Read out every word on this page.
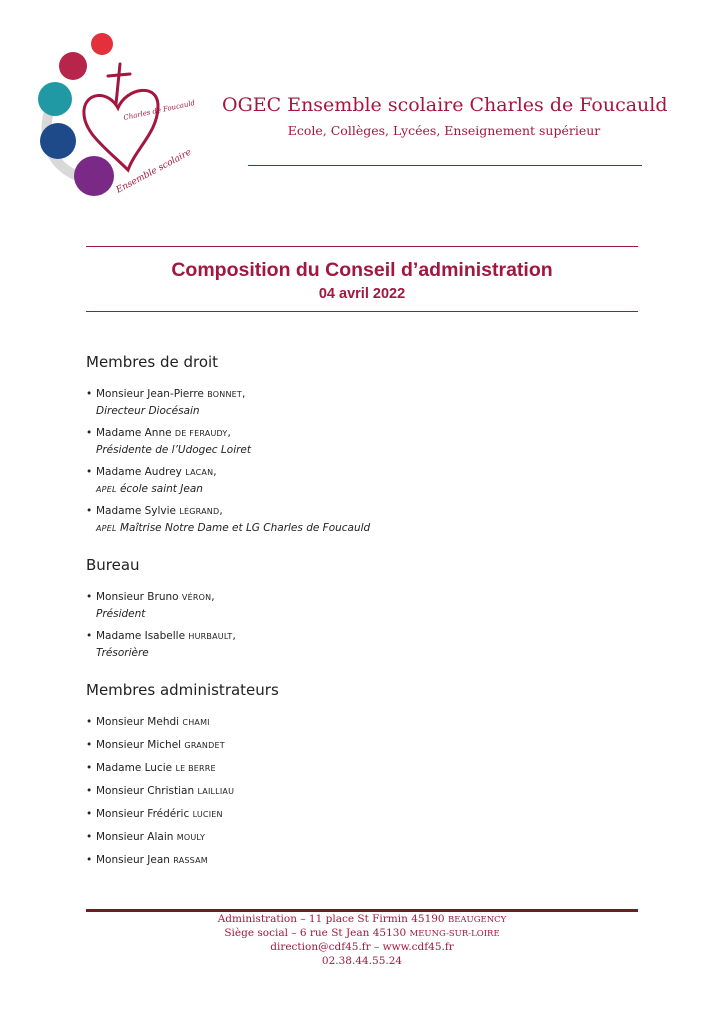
Charles de Foucauld
Ensemble scolaire
OGEC Ensemble scolaire Charles de Foucauld
Ecole, Collèges, Lycées, Enseignement supérieur
Composition du Conseil d’administration
04 avril 2022
Membres de droit
• Monsieur Jean-Pierre BONNET,
Directeur Diocésain
• Madame Anne DE FERAUDY,
Présidente de l’Udogec Loiret
• Madame Audrey LACAN,
APEL école saint Jean
• Madame Sylvie LEGRAND,
APEL Maîtrise Notre Dame et LG Charles de Foucauld
Bureau
• Monsieur Bruno VÉRON,
Président
• Madame Isabelle HURBAULT,
Trésorière
Membres administrateurs
• Monsieur Mehdi CHAMI
• Monsieur Michel GRANDET
• Madame Lucie LE BERRE
• Monsieur Christian LAILLIAU
• Monsieur Frédéric LUCIEN
• Monsieur Alain MOULY
• Monsieur Jean RASSAM
Administration – 11 place St Firmin 45190 BEAUGENCY
Siège social – 6 rue St Jean 45130 MEUNG-SUR-LOIRE
direction@cdf45.fr – www.cdf45.fr
02.38.44.55.24
